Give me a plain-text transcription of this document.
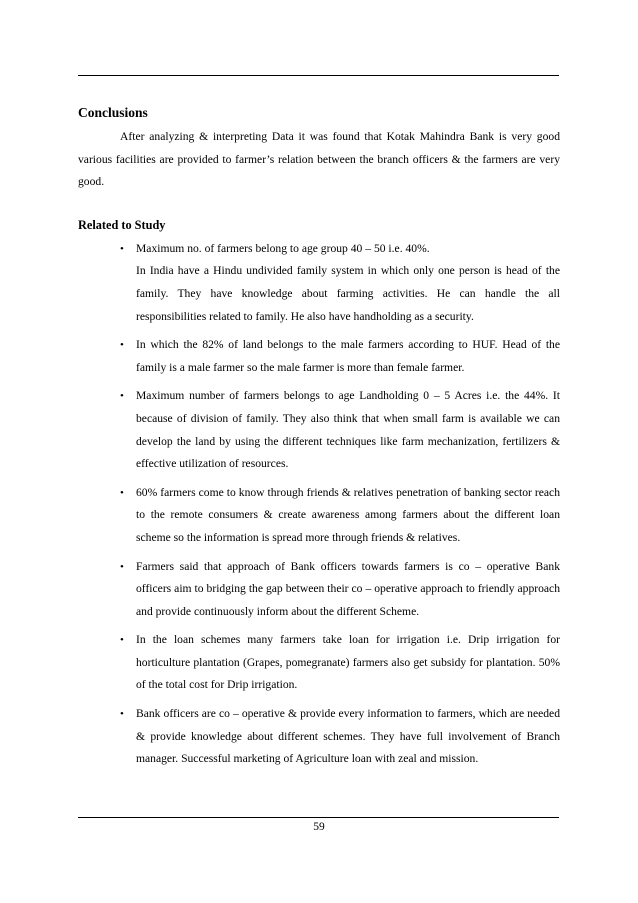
Conclusions

After analyzing & interpreting Data it was found that Kotak Mahindra Bank is very good various facilities are provided to farmer’s relation between the branch officers & the farmers are very good.

Related to Study
• Maximum no. of farmers belong to age group 40 – 50 i.e. 40%.
In India have a Hindu undivided family system in which only one person is head of the family. They have knowledge about farming activities. He can handle the all responsibilities related to family. He also have handholding as a security.
• In which the 82% of land belongs to the male farmers according to HUF. Head of the family is a male farmer so the male farmer is more than female farmer.
• Maximum number of farmers belongs to age Landholding 0 – 5 Acres i.e. the 44%. It because of division of family. They also think that when small farm is available we can develop the land by using the different techniques like farm mechanization, fertilizers & effective utilization of resources.
• 60% farmers come to know through friends & relatives penetration of banking sector reach to the remote consumers & create awareness among farmers about the different loan scheme so the information is spread more through friends & relatives.
• Farmers said that approach of Bank officers towards farmers is co – operative Bank officers aim to bridging the gap between their co – operative approach to friendly approach and provide continuously inform about the different Scheme.
• In the loan schemes many farmers take loan for irrigation i.e. Drip irrigation for horticulture plantation (Grapes, pomegranate) farmers also get subsidy for plantation. 50% of the total cost for Drip irrigation.
• Bank officers are co – operative & provide every information to farmers, which are needed & provide knowledge about different schemes. They have full involvement of Branch manager. Successful marketing of Agriculture loan with zeal and mission.
59
